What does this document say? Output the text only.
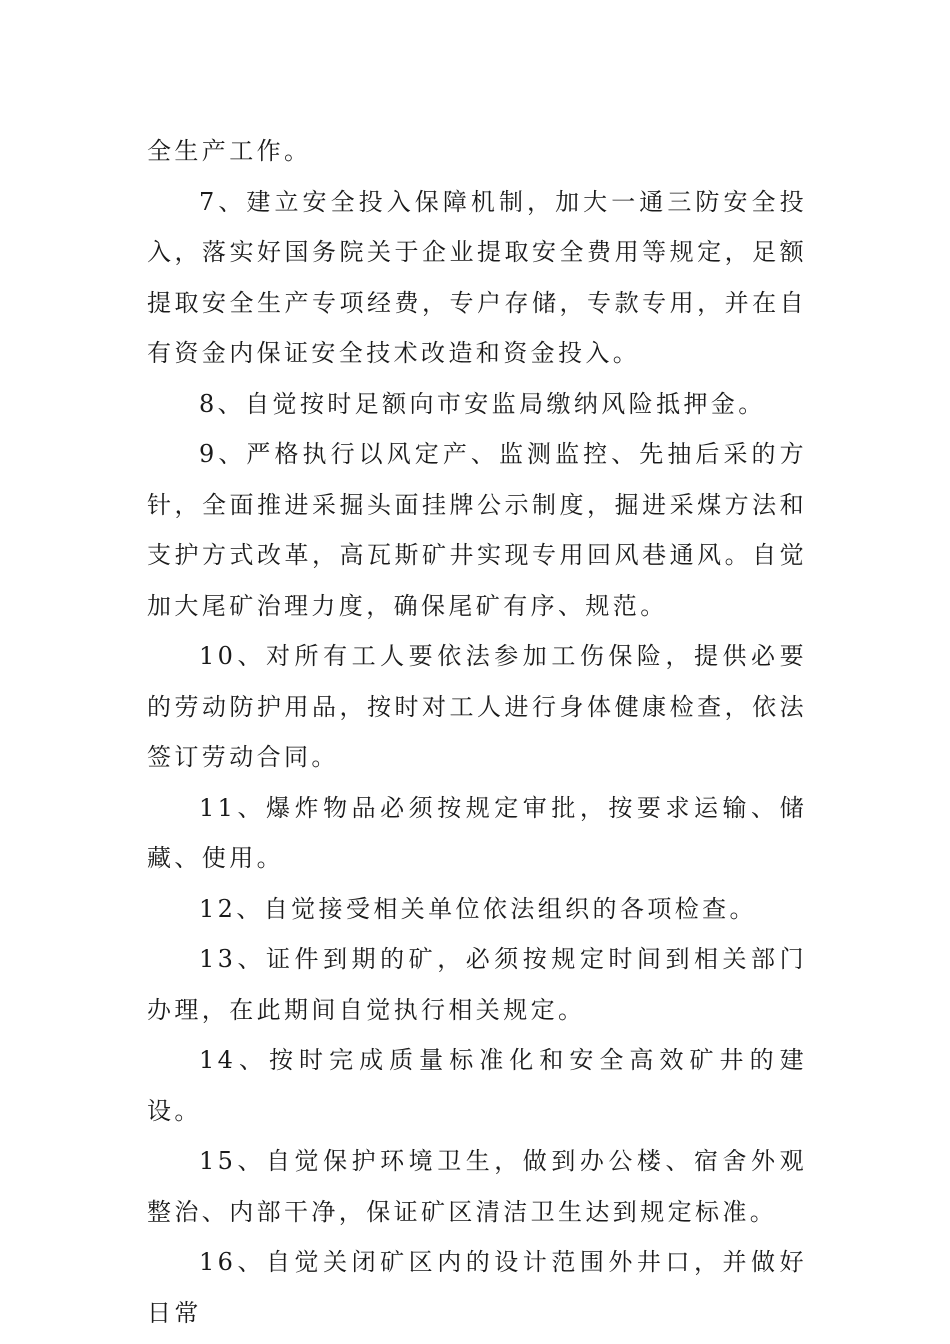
全生产工作。

7、建立安全投入保障机制，加大一通三防安全投入，落实好国务院关于企业提取安全费用等规定，足额提取安全生产专项经费，专户存储，专款专用，并在自有资金内保证安全技术改造和资金投入。

8、自觉按时足额向市安监局缴纳风险抵押金。

9、严格执行以风定产、监测监控、先抽后采的方针，全面推进采掘头面挂牌公示制度，掘进采煤方法和支护方式改革，高瓦斯矿井实现专用回风巷通风。自觉加大尾矿治理力度，确保尾矿有序、规范。

10、对所有工人要依法参加工伤保险，提供必要的劳动防护用品，按时对工人进行身体健康检查，依法签订劳动合同。

11、爆炸物品必须按规定审批，按要求运输、储藏、使用。

12、自觉接受相关单位依法组织的各项检查。

13、证件到期的矿，必须按规定时间到相关部门办理，在此期间自觉执行相关规定。

14、按时完成质量标准化和安全高效矿井的建设。

15、自觉保护环境卫生，做到办公楼、宿舍外观整治、内部干净，保证矿区清洁卫生达到规定标准。

16、自觉关闭矿区内的设计范围外井口，并做好日常
